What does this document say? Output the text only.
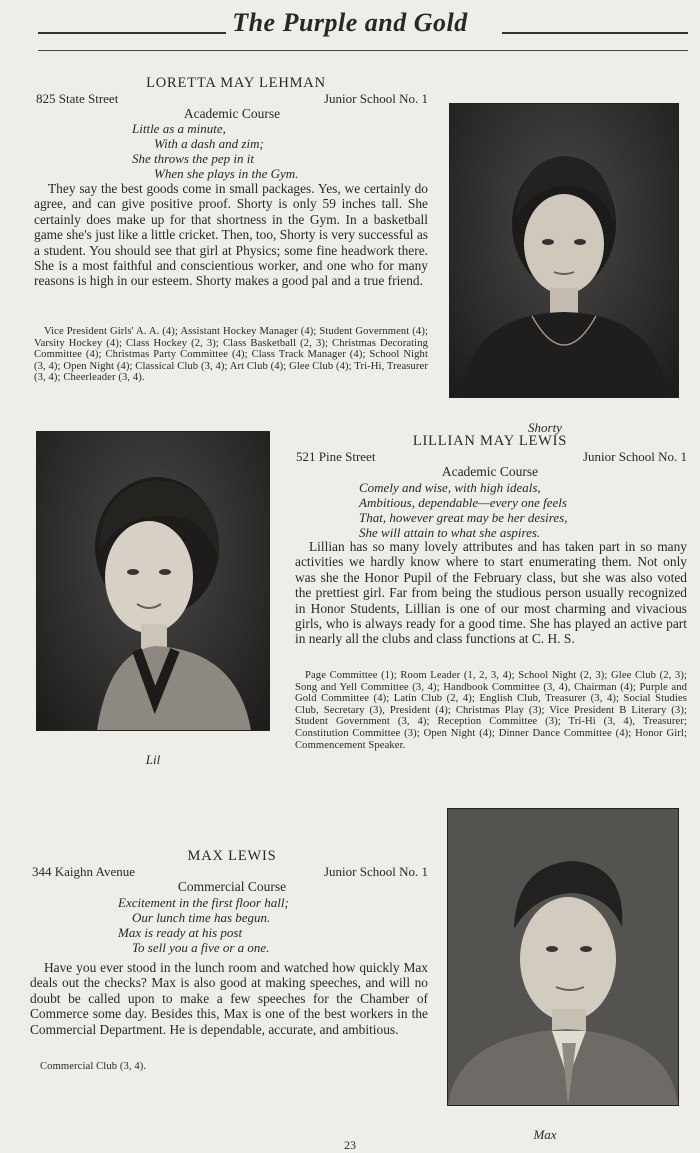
The Purple and Gold
LORETTA MAY LEHMAN
825 State Street	Junior School No. 1
Academic Course
Little as a minute,
With a dash and zim;
She throws the pep in it
When she plays in the Gym.
They say the best goods come in small packages. Yes, we certainly do agree, and can give positive proof. Shorty is only 59 inches tall. She certainly does make up for that shortness in the Gym. In a basketball game she's just like a little cricket. Then, too, Shorty is very successful as a student. You should see that girl at Physics; some fine headwork there. She is a most faithful and conscientious worker, and one who for many reasons is high in our esteem. Shorty makes a good pal and a true friend.
Vice President Girls' A. A. (4); Assistant Hockey Manager (4); Student Government (4); Varsity Hockey (4); Class Hockey (2, 3); Class Basketball (2, 3); Christmas Decorating Committee (4); Christmas Party Committee (4); Class Track Manager (4); School Night (3, 4); Open Night (4); Classical Club (3, 4); Art Club (4); Glee Club (4); Tri-Hi, Treasurer (3, 4); Cheerleader (3, 4).
Shorty
Lil
LILLIAN MAY LEWIS
521 Pine Street	Junior School No. 1
Academic Course
Comely and wise, with high ideals,
Ambitious, dependable—every one feels
That, however great may be her desires,
She will attain to what she aspires.
Lillian has so many lovely attributes and has taken part in so many activities we hardly know where to start enumerating them. Not only was she the Honor Pupil of the February class, but she was also voted the prettiest girl. Far from being the studious person usually recognized in Honor Students, Lillian is one of our most charming and vivacious girls, who is always ready for a good time. She has played an active part in nearly all the clubs and class functions at C. H. S.
Page Committee (1); Room Leader (1, 2, 3, 4); School Night (2, 3); Glee Club (2, 3); Song and Yell Committee (3, 4); Handbook Committee (3, 4), Chairman (4); Purple and Gold Committee (4); Latin Club (2, 4); English Club, Treasurer (3, 4); Social Studies Club, Secretary (3), President (4); Christmas Play (3); Vice President B Literary (3); Student Government (3, 4); Reception Committee (3); Tri-Hi (3, 4), Treasurer; Constitution Committee (3); Open Night (4); Dinner Dance Committee (4); Honor Girl; Commencement Speaker.
MAX LEWIS
344 Kaighn Avenue	Junior School No. 1
Commercial Course
Excitement in the first floor hall;
Our lunch time has begun.
Max is ready at his post
To sell you a five or a one.
Have you ever stood in the lunch room and watched how quickly Max deals out the checks? Max is also good at making speeches, and will no doubt be called upon to make a few speeches for the Chamber of Commerce some day. Besides this, Max is one of the best workers in the Commercial Department. He is dependable, accurate, and ambitious.
Commercial Club (3, 4).
Max
23
